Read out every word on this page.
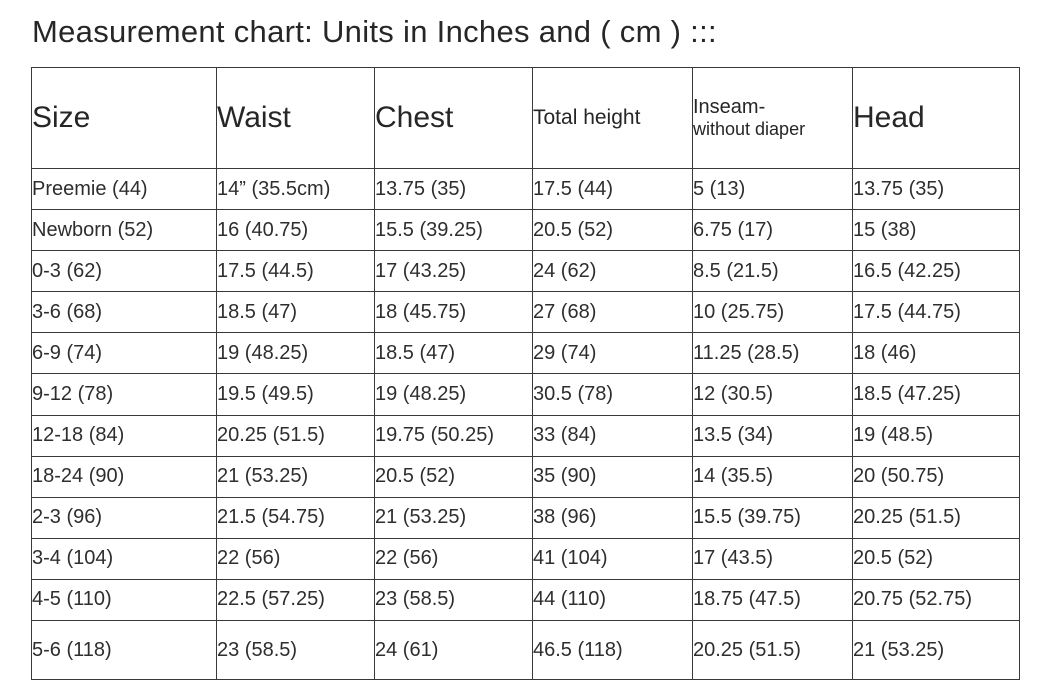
Measurement chart: Units in Inches and ( cm ) :::
Size	Waist	Chest	Total height	Inseam-
without diaper	Head
Preemie (44)	14” (35.5cm)	13.75 (35)	17.5 (44)	5 (13)	13.75 (35)
Newborn (52)	16 (40.75)	15.5 (39.25)	20.5 (52)	6.75 (17)	15 (38)
0-3 (62)	17.5 (44.5)	17 (43.25)	24 (62)	8.5 (21.5)	16.5 (42.25)
3-6 (68)	18.5 (47)	18 (45.75)	27 (68)	10 (25.75)	17.5 (44.75)
6-9 (74)	19 (48.25)	18.5 (47)	29 (74)	11.25 (28.5)	18 (46)
9-12 (78)	19.5 (49.5)	19 (48.25)	30.5 (78)	12 (30.5)	18.5 (47.25)
12-18 (84)	20.25 (51.5)	19.75 (50.25)	33 (84)	13.5 (34)	19 (48.5)
18-24 (90)	21 (53.25)	20.5 (52)	35 (90)	14 (35.5)	20 (50.75)
2-3 (96)	21.5 (54.75)	21 (53.25)	38 (96)	15.5 (39.75)	20.25 (51.5)
3-4 (104)	22 (56)	22 (56)	41 (104)	17 (43.5)	20.5 (52)
4-5 (110)	22.5 (57.25)	23 (58.5)	44 (110)	18.75 (47.5)	20.75 (52.75)
5-6 (118)	23 (58.5)	24 (61)	46.5 (118)	20.25 (51.5)	21 (53.25)
